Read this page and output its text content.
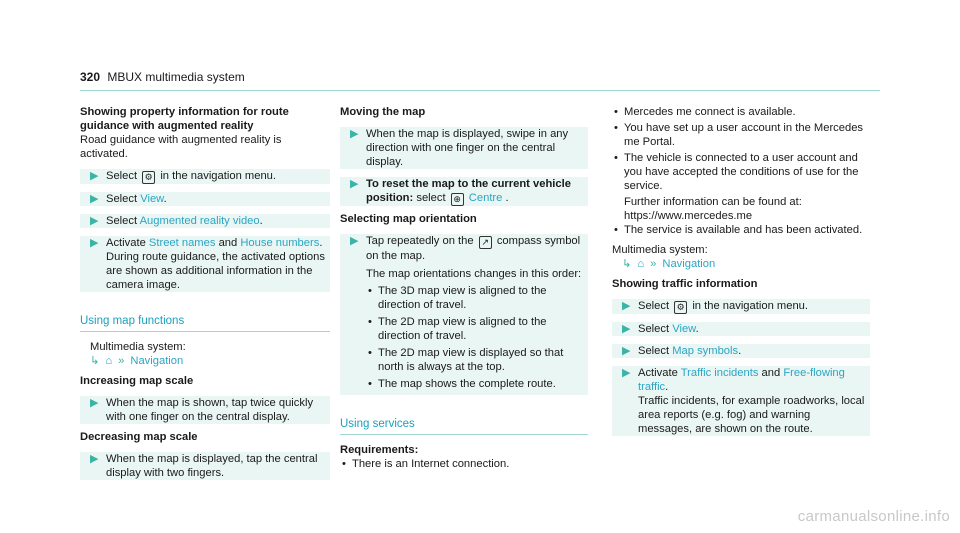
320 MBUX multimedia system

Showing property information for route guidance with augmented reality

Road guidance with augmented reality is activated.

▶ Select ⚙ in the navigation menu.
▶ Select View.
▶ Select Augmented reality video.
▶ Activate Street names and House numbers.
During route guidance, the activated options are shown as additional information in the camera image.
Using map functions

Multimedia system:

↳ ⌂ » Navigation

Increasing map scale

▶ When the map is shown, tap twice quickly with one finger on the central display.

Decreasing map scale

▶ When the map is displayed, tap the central display with two fingers.

Moving the map

▶ When the map is displayed, swipe in any direction with one finger on the central display.
▶ To reset the map to the current vehicle position: select ⊕ Centre .

Selecting map orientation

▶ Tap repeatedly on the ↗ compass symbol on the map.

The map orientations changes in this order:

• The 3D map view is aligned to the direction of travel.
• The 2D map view is aligned to the direction of travel.
• The 2D map view is displayed so that north is always at the top.
• The map shows the complete route.
Using services

Requirements:

• There is an Internet connection.
• Mercedes me connect is available.
• You have set up a user account in the Mercedes me Portal.
• The vehicle is connected to a user account and you have accepted the conditions of use for the service.

Further information can be found at:

https://www.mercedes.me

• The service is available and has been activated.

Multimedia system:

↳ ⌂ » Navigation

Showing traffic information

▶ Select ⚙ in the navigation menu.
▶ Select View.
▶ Select Map symbols.
▶ Activate Traffic incidents and Free-flowing traffic.
Traffic incidents, for example roadworks, local area reports (e.g. fog) and warning messages, are shown on the route.
carmanualsonline.info
